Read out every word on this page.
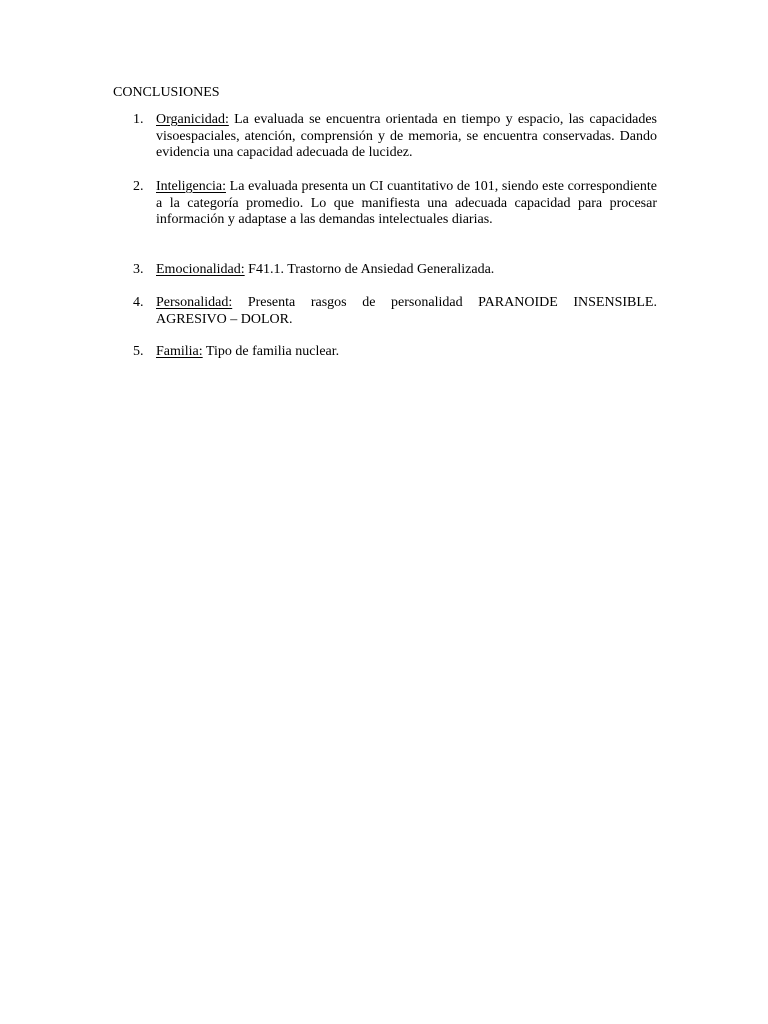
CONCLUSIONES
1. Organicidad: La evaluada se encuentra orientada en tiempo y espacio, las capacidades visoespaciales, atención, comprensión y de memoria, se encuentra conservadas. Dando evidencia una capacidad adecuada de lucidez.
2. Inteligencia: La evaluada presenta un CI cuantitativo de 101, siendo este correspondiente a la categoría promedio. Lo que manifiesta una adecuada capacidad para procesar información y adaptase a las demandas intelectuales diarias.
3. Emocionalidad: F41.1. Trastorno de Ansiedad Generalizada.
4. Personalidad: Presenta rasgos de personalidad PARANOIDE INSENSIBLE. AGRESIVO – DOLOR.
5. Familia: Tipo de familia nuclear.
